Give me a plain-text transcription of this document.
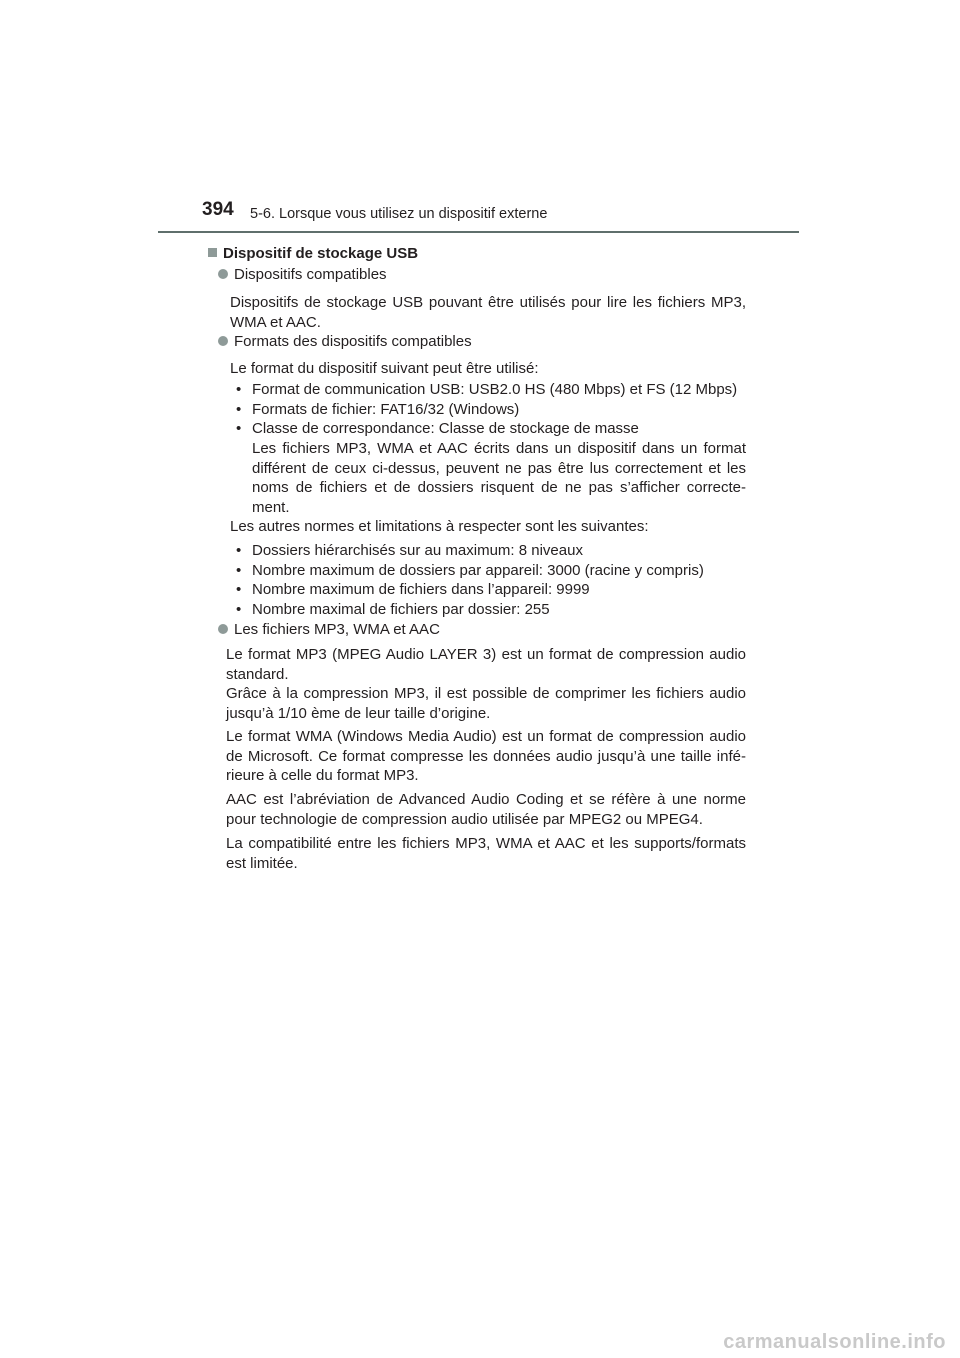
394 5-6. Lorsque vous utilisez un dispositif externe
Dispositif de stockage USB
Dispositifs compatibles
Dispositifs de stockage USB pouvant être utilisés pour lire les fichiers MP3, WMA et AAC.
Formats des dispositifs compatibles
Le format du dispositif suivant peut être utilisé:
• Format de communication USB: USB2.0 HS (480 Mbps) et FS (12 Mbps)
• Formats de fichier: FAT16/32 (Windows)
• Classe de correspondance: Classe de stockage de masse
Les fichiers MP3, WMA et AAC écrits dans un dispositif dans un format différent de ceux ci-dessus, peuvent ne pas être lus correctement et les noms de fichiers et de dossiers risquent de ne pas s’afficher correcte- ment.
Les autres normes et limitations à respecter sont les suivantes:
• Dossiers hiérarchisés sur au maximum: 8 niveaux
• Nombre maximum de dossiers par appareil: 3000 (racine y compris)
• Nombre maximum de fichiers dans l’appareil: 9999
• Nombre maximal de fichiers par dossier: 255
Les fichiers MP3, WMA et AAC
Le format MP3 (MPEG Audio LAYER 3) est un format de compression audio standard.
Grâce à la compression MP3, il est possible de comprimer les fichiers audio jusqu’à 1/10 ème de leur taille d’origine.
Le format WMA (Windows Media Audio) est un format de compression audio de Microsoft. Ce format compresse les données audio jusqu’à une taille infé- rieure à celle du format MP3.
AAC est l’abréviation de Advanced Audio Coding et se réfère à une norme pour technologie de compression audio utilisée par MPEG2 ou MPEG4.
La compatibilité entre les fichiers MP3, WMA et AAC et les supports/formats est limitée.
carmanualsonline.info
